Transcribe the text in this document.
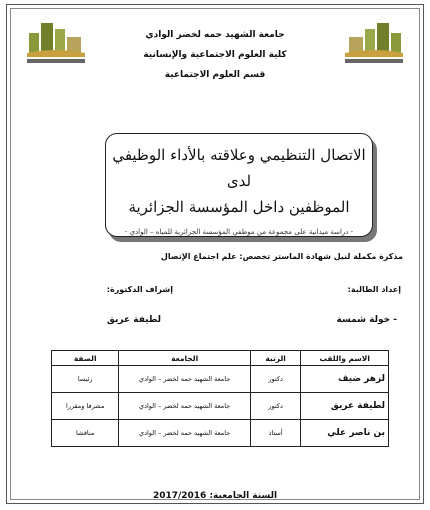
جامعة الشهيد حمه لخضر الوادي
كلية العلوم الاجتماعية والإنسانية
قسم العلوم الاجتماعية
الاتصال التنظيمي وعلاقته بالأداء الوظيفي لدى
الموظفين داخل المؤسسة الجزائرية
- دراسة ميدانية على مجموعة من موظفي المؤسسة الجزائرية للمياه – الوادي -
مذكرة مكملة لنيل شهادة الماستر تخصص: علم اجتماع الإتصال
إعداد الطالبة:
إشراف الدكتورة:
- خولة شمسة
لطيفة عريق
الاسم واللقب	الرتبة	الجامعة	الصفة
لزهر ضيف	دكتور	جامعة الشهيد حمه لخضر – الوادي	رئيسا
لطيفة عريق	دكتور	جامعة الشهيد حمه لخضر – الوادي	مشرفا ومقررا
بن ناصر علي	أستاذ	جامعة الشهيد حمه لخضر – الوادي	مناقشا
السنة الجامعية: 2017/2016
